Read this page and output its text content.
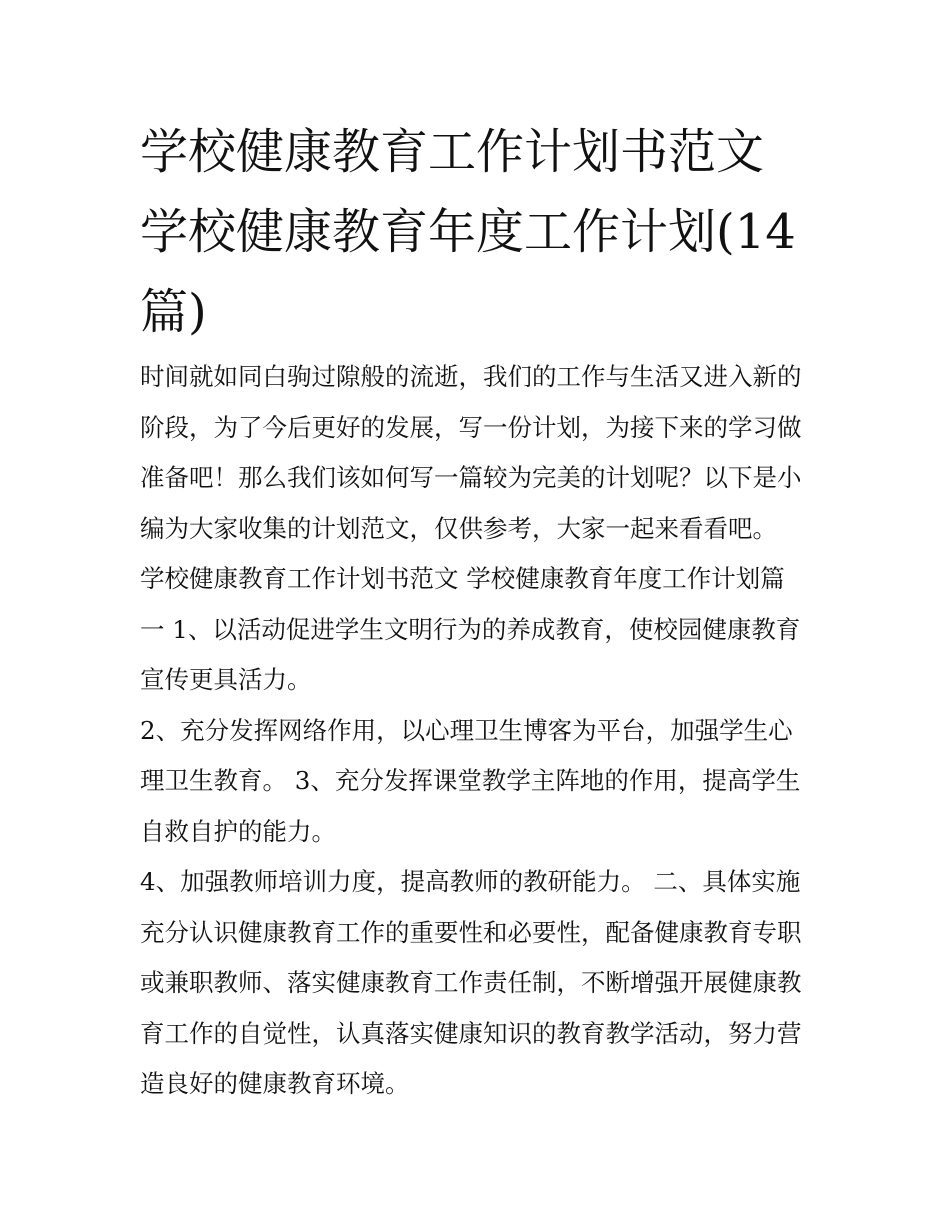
学校健康教育工作计划书范文
学校健康教育年度工作计划(14
篇)

时间就如同白驹过隙般的流逝，我们的工作与生活又进入新的
阶段，为了今后更好的发展，写一份计划，为接下来的学习做
准备吧！那么我们该如何写一篇较为完美的计划呢？以下是小
编为大家收集的计划范文，仅供参考，大家一起来看看吧。

学校健康教育工作计划书范文 学校健康教育年度工作计划篇
一 1、以活动促进学生文明行为的养成教育，使校园健康教育
宣传更具活力。

2、充分发挥网络作用，以心理卫生博客为平台，加强学生心
理卫生教育。 3、充分发挥课堂教学主阵地的作用，提高学生
自救自护的能力。

4、加强教师培训力度，提高教师的教研能力。 二、具体实施
充分认识健康教育工作的重要性和必要性，配备健康教育专职
或兼职教师、落实健康教育工作责任制，不断增强开展健康教
育工作的自觉性，认真落实健康知识的教育教学活动，努力营
造良好的健康教育环境。
